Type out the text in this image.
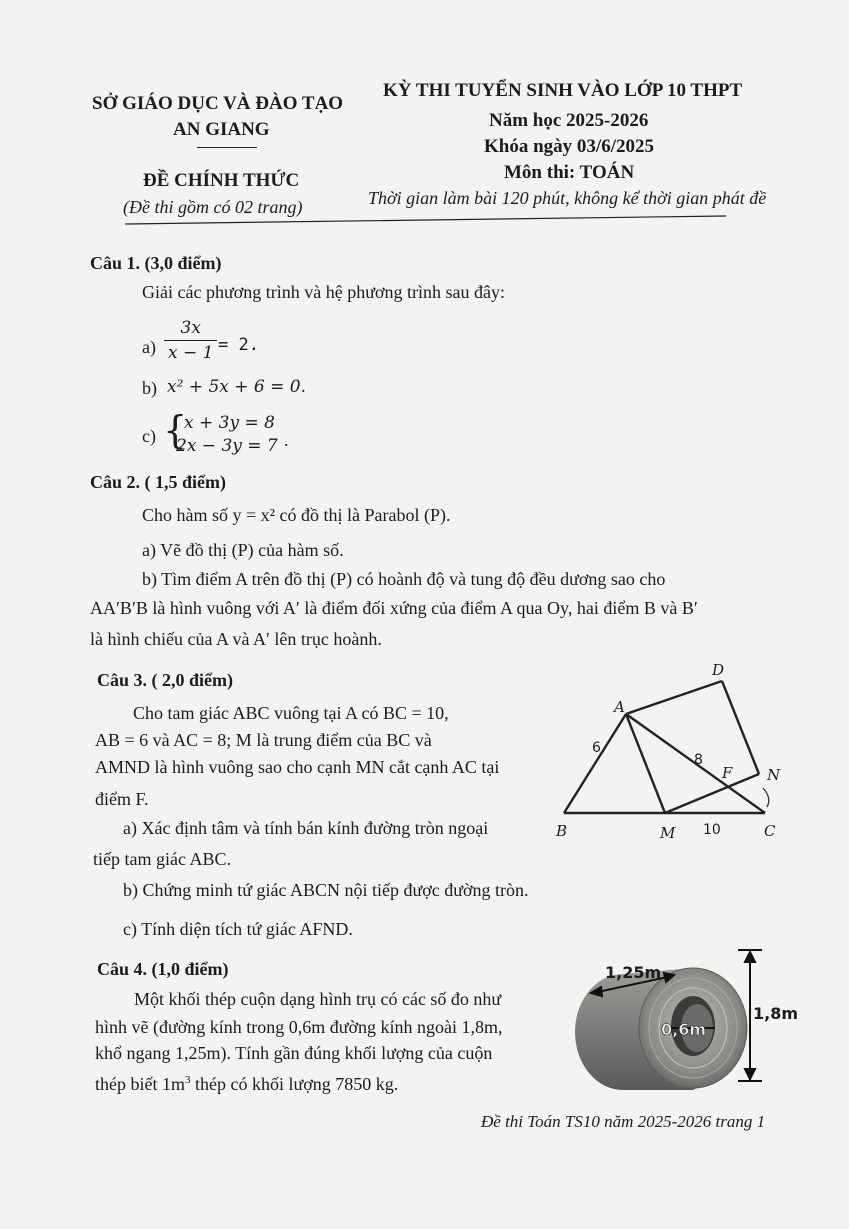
SỞ GIÁO DỤC VÀ ĐÀO TẠO
AN GIANG
ĐỀ CHÍNH THỨC
(Đề thi gồm có 02 trang)
KỲ THI TUYỂN SINH VÀO LỚP 10 THPT
Năm học 2025-2026
Khóa ngày 03/6/2025
Môn thi: TOÁN
Thời gian làm bài 120 phút, không kể thời gian phát đề
Câu 1. (3,0 điểm)
Giải các phương trình và hệ phương trình sau đây:
$a) \frac{3x}{x - 1} = 2$.
b) x² + 5x + 6 = 0.
c) {
x + 3y = 8
2x − 3y = 7 .
Câu 2. ( 1,5 điểm)
Cho hàm số y = x² có đồ thị là Parabol (P).
a) Vẽ đồ thị (P) của hàm số.
b) Tìm điểm A trên đồ thị (P) có hoành độ và tung độ đều dương sao cho
AA′B′B là hình vuông với A′ là điểm đối xứng của điểm A qua Oy, hai điểm B và B′
là hình chiếu của A và A′ lên trục hoành.
Câu 3. ( 2,0 điểm)
Cho tam giác ABC vuông tại A có BC = 10,
AB = 6 và AC = 8; M là trung điểm của BC và
AMND là hình vuông sao cho cạnh MN cắt cạnh AC tại
điểm F.
a) Xác định tâm và tính bán kính đường tròn ngoại
tiếp tam giác ABC.
b) Chứng minh tứ giác ABCN nội tiếp được đường tròn.
c) Tính diện tích tứ giác AFND.
A
B	C
D
M
N
F
6
8
10
Câu 4. (1,0 điểm)
Một khối thép cuộn dạng hình trụ có các số đo như
hình vẽ (đường kính trong 0,6m đường kính ngoài 1,8m,
khổ ngang 1,25m). Tính gần đúng khối lượng của cuộn
thép biết $1m^3$ thép có khối lượng 7850 kg.
1,25m
0,6m
1,8m
Đề thi Toán TS10 năm 2025-2026 trang 1
